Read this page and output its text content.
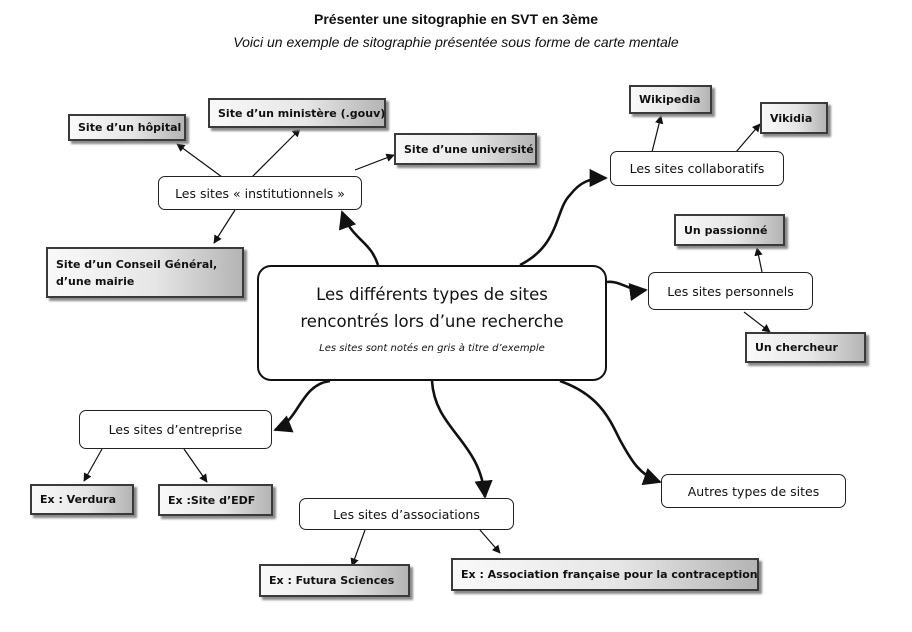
Présenter une sitographie en SVT en 3ème
Voici un exemple de sitographie présentée sous forme de carte mentale
Les différents types de sites
rencontrés lors d’une recherche
Les sites sont notés en gris à titre d’exemple
Les sites « institutionnels »
Les sites collaboratifs
Les sites personnels
Les sites d’entreprise
Les sites d’associations
Autres types de sites
Site d’un hôpital
Site d’un ministère (.gouv)
Site d’une université
Site d’un Conseil Général,
d’une mairie
Wikipedia
Vikidia
Un passionné
Un chercheur
Ex : Verdura	Ex :Site d’EDF
Ex : Futura Sciences	Ex : Association française pour la contraception
